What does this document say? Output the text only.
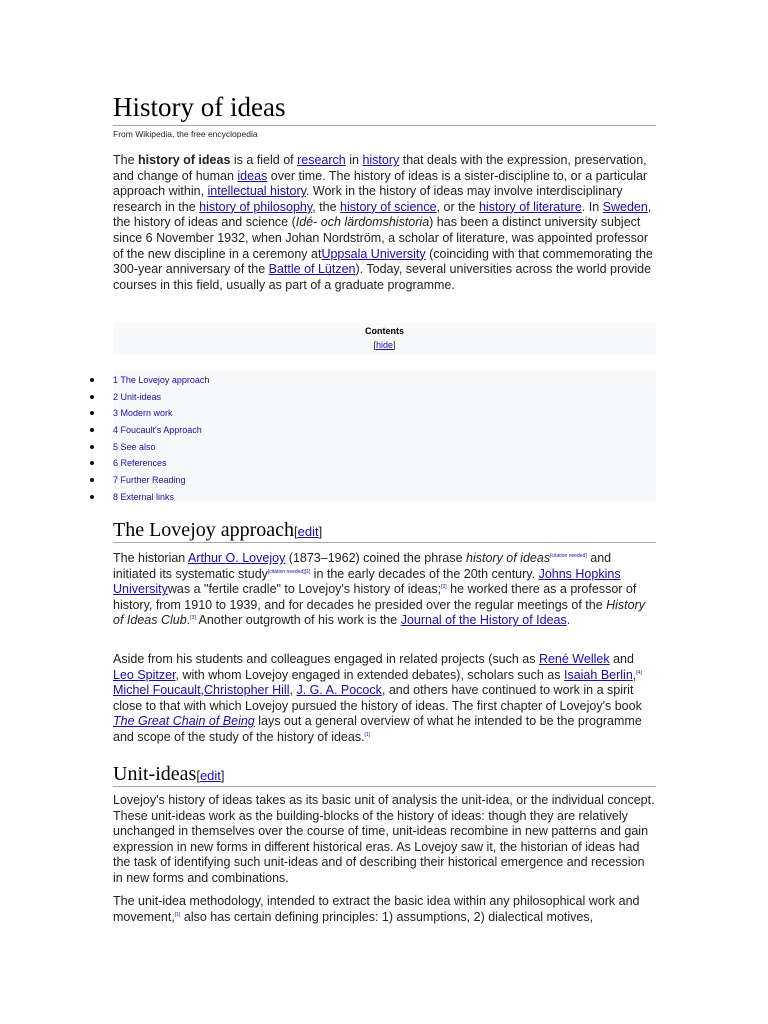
History of ideas
From Wikipedia, the free encyclopedia

The history of ideas is a field of research in history that deals with the expression, preservation, and change of human ideas over time. The history of ideas is a sister-discipline to, or a particular approach within, intellectual history. Work in the history of ideas may involve interdisciplinary research in the history of philosophy, the history of science, or the history of literature. In Sweden, the history of ideas and science (Idé- och lärdomshistoria) has been a distinct university subject since 6 November 1932, when Johan Nordström, a scholar of literature, was appointed professor of the new discipline in a ceremony atUppsala University (coinciding with that commemorating the 300-year anniversary of the Battle of Lützen). Today, several universities across the world provide courses in this field, usually as part of a graduate programme.

Contents
[hide]
1 The Lovejoy approach
2 Unit-ideas
3 Modern work
4 Foucault's Approach
5 See also
6 References
7 Further Reading
8 External links
The Lovejoy approach[edit]

The historian Arthur O. Lovejoy (1873–1962) coined the phrase history of ideas[citation needed] and initiated its systematic study[citation needed][1] in the early decades of the 20th century. Johns Hopkins Universitywas a "fertile cradle" to Lovejoy's history of ideas;[2] he worked there as a professor of history, from 1910 to 1939, and for decades he presided over the regular meetings of the History of Ideas Club.[3] Another outgrowth of his work is the Journal of the History of Ideas.

Aside from his students and colleagues engaged in related projects (such as René Wellek and Leo Spitzer, with whom Lovejoy engaged in extended debates), scholars such as Isaiah Berlin,[4] Michel Foucault,Christopher Hill, J. G. A. Pocock, and others have continued to work in a spirit close to that with which Lovejoy pursued the history of ideas. The first chapter of Lovejoy's book The Great Chain of Being lays out a general overview of what he intended to be the programme and scope of the study of the history of ideas.[1]

Unit-ideas[edit]

Lovejoy's history of ideas takes as its basic unit of analysis the unit-idea, or the individual concept. These unit-ideas work as the building-blocks of the history of ideas: though they are relatively unchanged in themselves over the course of time, unit-ideas recombine in new patterns and gain expression in new forms in different historical eras. As Lovejoy saw it, the historian of ideas had the task of identifying such unit-ideas and of describing their historical emergence and recession in new forms and combinations.

The unit-idea methodology, intended to extract the basic idea within any philosophical work and movement,[1] also has certain defining principles: 1) assumptions, 2) dialectical motives,
